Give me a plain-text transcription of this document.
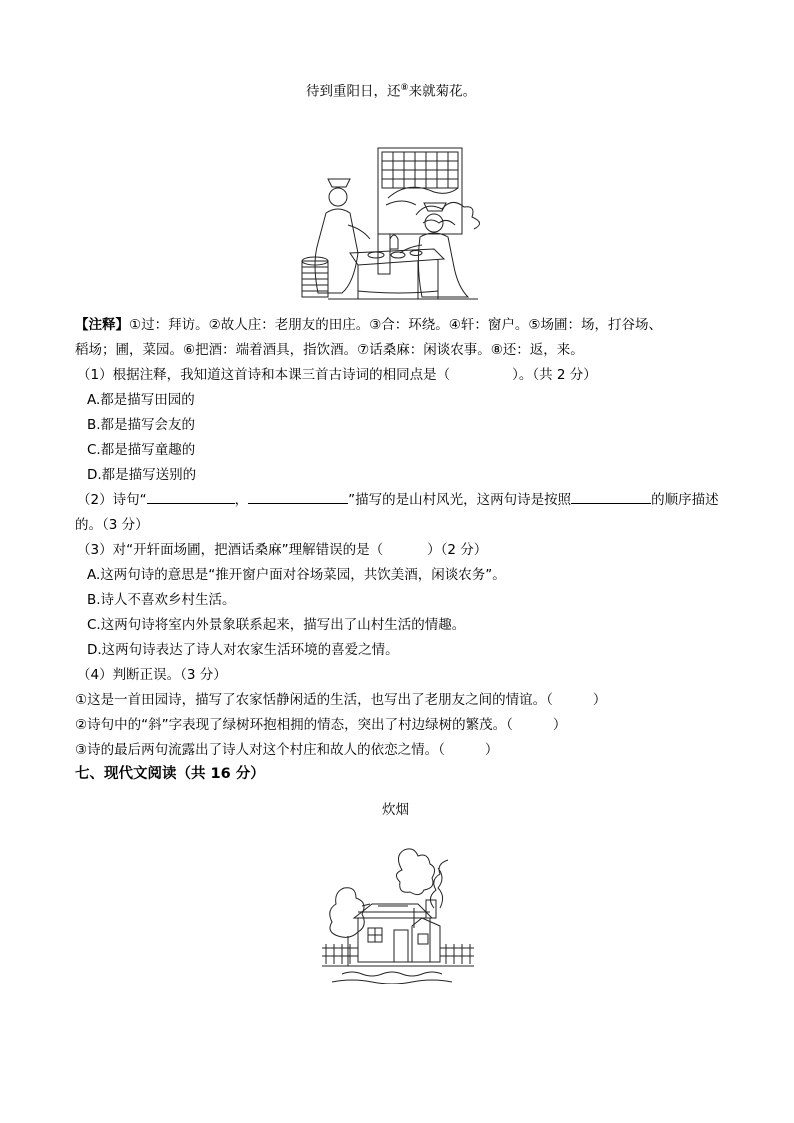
待到重阳日，还⑧来就菊花。
【注释】①过：拜访。②故人庄：老朋友的田庄。③合：环绕。④轩：窗户。⑤场圃：场，打谷场、
稻场；圃，菜园。⑥把酒：端着酒具，指饮酒。⑦话桑麻：闲谈农事。⑧还：返，来。
（1）根据注释，我知道这首诗和本课三首古诗词的相同点是（	）。（共 2 分）
A.都是描写田园的
B.都是描写会友的
C.都是描写童趣的
D.都是描写送别的
（2）诗句“	，	”描写的是山村风光，这两句诗是按照	的顺序描述
的。（3 分）
（3）对“开轩面场圃，把酒话桑麻”理解错误的是（	）（2 分）
A.这两句诗的意思是“推开窗户面对谷场菜园，共饮美酒，闲谈农务”。
B.诗人不喜欢乡村生活。
C.这两句诗将室内外景象联系起来，描写出了山村生活的情趣。
D.这两句诗表达了诗人对农家生活环境的喜爱之情。
（4）判断正误。（3 分）
①这是一首田园诗，描写了农家恬静闲适的生活，也写出了老朋友之间的情谊。（	）
②诗句中的“斜”字表现了绿树环抱相拥的情态，突出了村边绿树的繁茂。（	）
③诗的最后两句流露出了诗人对这个村庄和故人的依恋之情。（	）
七、现代文阅读（共 16 分）
炊烟
